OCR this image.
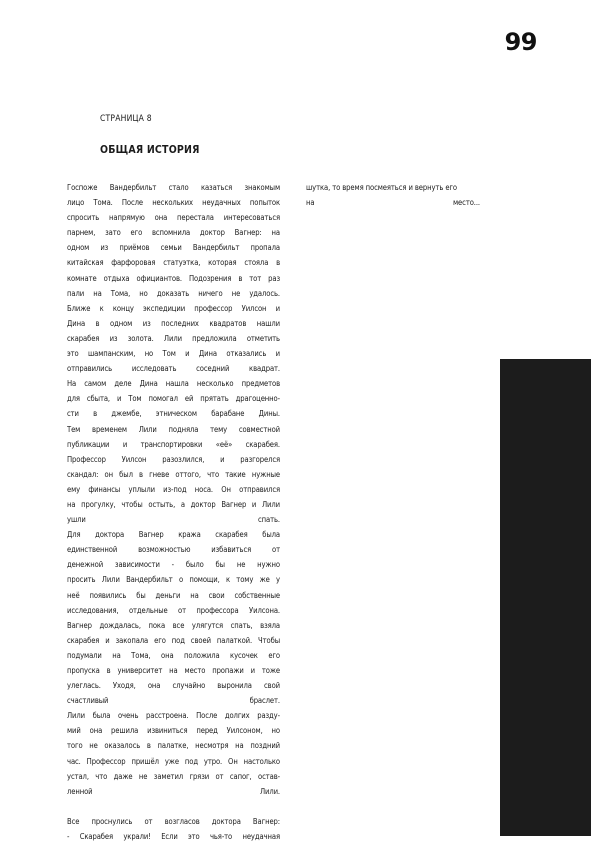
99
СТРАНИЦА 8
ОБЩАЯ ИСТОРИЯ
Госпоже Вандербильт стало казаться знакомым
лицо Тома. После нескольких неудачных попыток
спросить напрямую она перестала интересоваться
парнем, зато его вспомнила доктор Вагнер: на
одном из приёмов семьи Вандербильт пропала
китайская фарфоровая статуэтка, которая стояла в
комнате отдыха официантов. Подозрения в тот раз
пали на Тома, но доказать ничего не удалось.
Ближе к концу экспедиции профессор Уилсон и
Дина в одном из последних квадратов нашли
скарабея из золота. Лили предложила отметить
это шампанским, но Том и Дина отказались и
отправились исследовать соседний квадрат.
На самом деле Дина нашла несколько предметов
для сбыта, и Том помогал ей прятать драгоценно-
сти в джембе, этническом барабане Дины.
Тем временем Лили подняла тему совместной
публикации и транспортировки «её» скарабея.
Профессор Уилсон разозлился, и разгорелся
скандал: он был в гневе оттого, что такие нужные
ему финансы уплыли из-под носа. Он отправился
на прогулку, чтобы остыть, а доктор Вагнер и Лили
ушли спать.
Для доктора Вагнер кража скарабея была
единственной возможностью избавиться от
денежной зависимости - было бы не нужно
просить Лили Вандербильт о помощи, к тому же у
неё появились бы деньги на свои собственные
исследования, отдельные от профессора Уилсона.
Вагнер дождалась, пока все улягутся спать, взяла
скарабея и закопала его под своей палаткой. Чтобы
подумали на Тома, она положила кусочек его
пропуска в университет на место пропажи и тоже
улеглась. Уходя, она случайно выронила свой
счастливый браслет.
Лили была очень расстроена. После долгих разду-
мий она решила извиниться перед Уилсоном, но
того не оказалось в палатке, несмотря на поздний
час. Профессор пришёл уже под утро. Он настолько
устал, что даже не заметил грязи от сапог, остав-
ленной Лили.
Все проснулись от возгласов доктора Вагнер:
- Скарабея украли! Если это чья-то неудачная
шутка, то время посмеяться и вернуть его
на место...
